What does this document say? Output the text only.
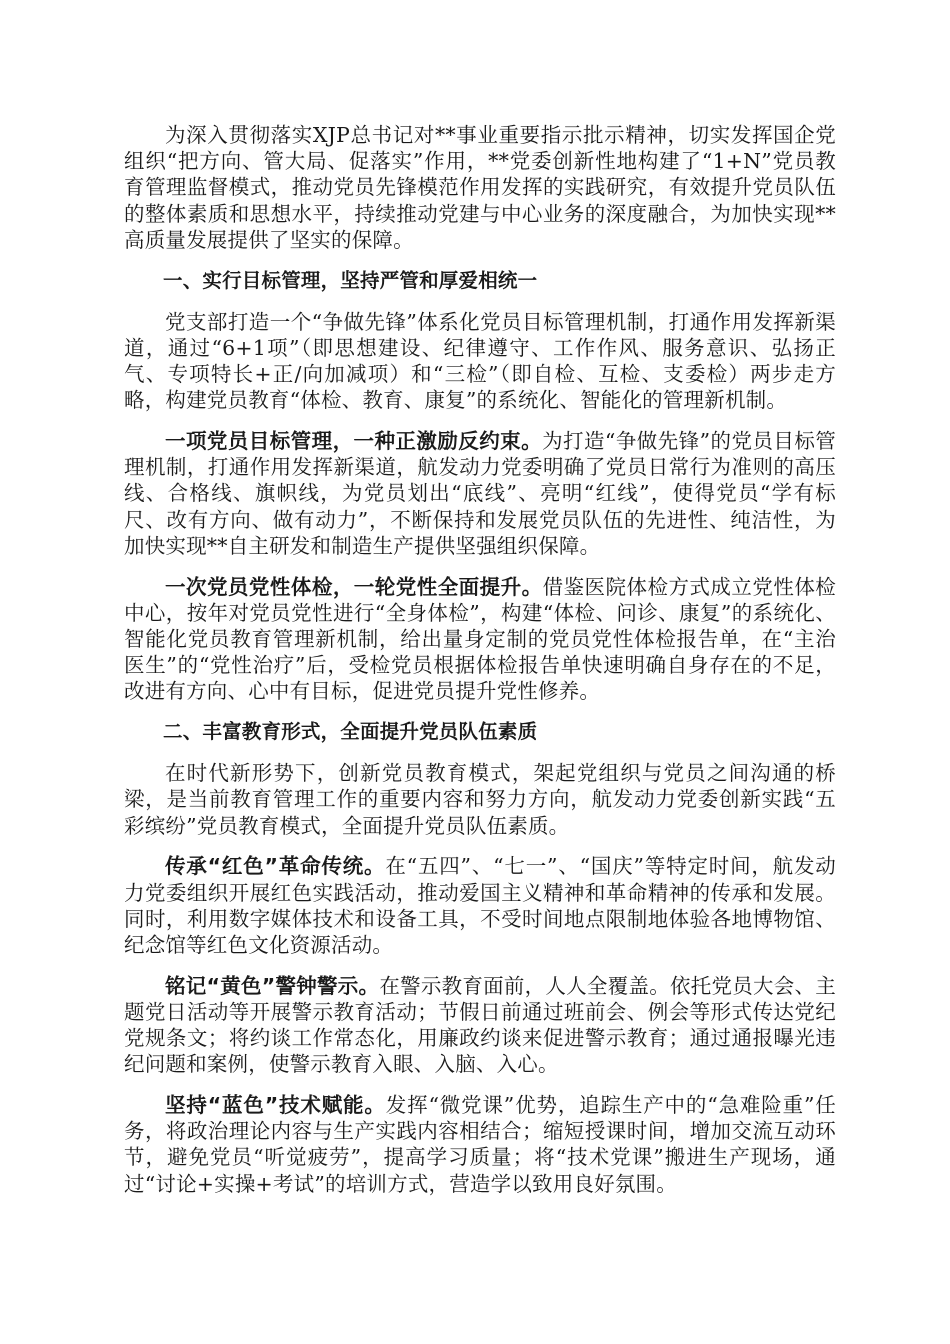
为深入贯彻落实XJP总书记对**事业重要指示批示精神，切实发挥国企党组织“把方向、管大局、促落实”作用，**党委创新性地构建了“1+N”党员教育管理监督模式，推动党员先锋模范作用发挥的实践研究，有效提升党员队伍的整体素质和思想水平，持续推动党建与中心业务的深度融合，为加快实现**高质量发展提供了坚实的保障。

一、实行目标管理，坚持严管和厚爱相统一

党支部打造一个“争做先锋”体系化党员目标管理机制，打通作用发挥新渠道，通过“6+1项”（即思想建设、纪律遵守、工作作风、服务意识、弘扬正气、专项特长+正/向加减项）和“三检”（即自检、互检、支委检）两步走方略，构建党员教育“体检、教育、康复”的系统化、智能化的管理新机制。

一项党员目标管理，一种正激励反约束。为打造“争做先锋”的党员目标管理机制，打通作用发挥新渠道，航发动力党委明确了党员日常行为准则的高压线、合格线、旗帜线，为党员划出“底线”、亮明“红线”，使得党员“学有标尺、改有方向、做有动力”，不断保持和发展党员队伍的先进性、纯洁性，为加快实现**自主研发和制造生产提供坚强组织保障。

一次党员党性体检，一轮党性全面提升。借鉴医院体检方式成立党性体检中心，按年对党员党性进行“全身体检”，构建“体检、问诊、康复”的系统化、智能化党员教育管理新机制，给出量身定制的党员党性体检报告单，在“主治医生”的“党性治疗”后，受检党员根据体检报告单快速明确自身存在的不足，改进有方向、心中有目标，促进党员提升党性修养。

二、丰富教育形式，全面提升党员队伍素质

在时代新形势下，创新党员教育模式，架起党组织与党员之间沟通的桥梁，是当前教育管理工作的重要内容和努力方向，航发动力党委创新实践“五彩缤纷”党员教育模式，全面提升党员队伍素质。

传承“红色”革命传统。在“五四”、“七一”、“国庆”等特定时间，航发动力党委组织开展红色实践活动，推动爱国主义精神和革命精神的传承和发展。同时，利用数字媒体技术和设备工具，不受时间地点限制地体验各地博物馆、纪念馆等红色文化资源活动。

铭记“黄色”警钟警示。在警示教育面前，人人全覆盖。依托党员大会、主题党日活动等开展警示教育活动；节假日前通过班前会、例会等形式传达党纪党规条文；将约谈工作常态化，用廉政约谈来促进警示教育；通过通报曝光违纪问题和案例，使警示教育入眼、入脑、入心。

坚持“蓝色”技术赋能。发挥“微党课”优势，追踪生产中的“急难险重”任务，将政治理论内容与生产实践内容相结合；缩短授课时间，增加交流互动环节，避免党员“听觉疲劳”，提高学习质量；将“技术党课”搬进生产现场，通过“讨论+实操+考试”的培训方式，营造学以致用良好氛围。
